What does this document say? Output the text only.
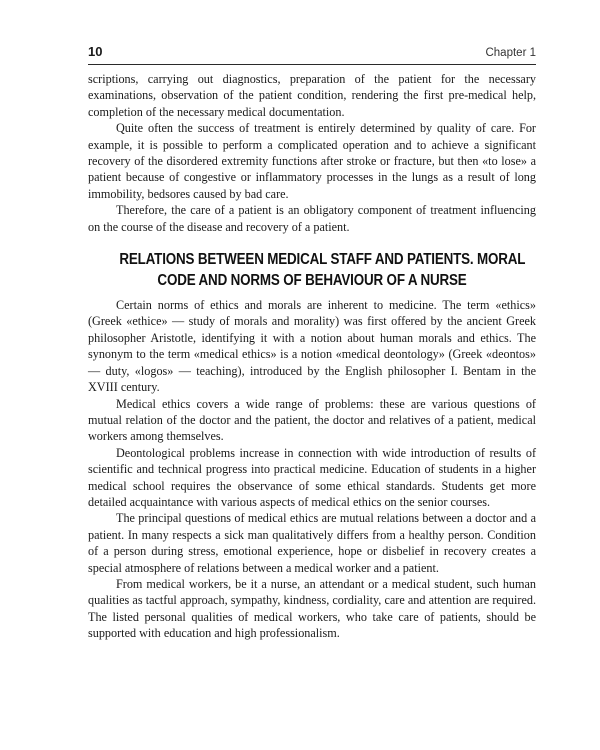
10	Chapter 1

scriptions, carrying out diagnostics, preparation of the patient for the necessary examinations, observation of the patient condition, rendering the first pre-medical help, completion of the necessary medical documentation.

Quite often the success of treatment is entirely determined by quality of care. For example, it is possible to perform a complicated operation and to achieve a significant recovery of the disordered extremity functions after stroke or fracture, but then «to lose» a patient because of congestive or inflammatory processes in the lungs as a result of long immobility, bedsores caused by bad care.

Therefore, the care of a patient is an obligatory component of treatment influencing on the course of the disease and recovery of a patient.

RELATIONS BETWEEN MEDICAL STAFF AND PATIENTS. MORAL
CODE AND NORMS OF BEHAVIOUR OF A NURSE

Certain norms of ethics and morals are inherent to medicine. The term «ethics» (Greek «ethice» — study of morals and morality) was first offered by the ancient Greek philosopher Aristotle, identifying it with a notion about human morals and ethics. The synonym to the term «medical ethics» is a notion «medical deontology» (Greek «deontos» — duty, «logos» — teaching), introduced by the English philosopher I. Bentam in the XVIII century.

Medical ethics covers a wide range of problems: these are various questions of mutual relation of the doctor and the patient, the doctor and relatives of a patient, medical workers among themselves.

Deontological problems increase in connection with wide introduction of results of scientific and technical progress into practical medicine. Education of students in a higher medical school requires the observance of some ethical standards. Students get more detailed acquaintance with various aspects of medical ethics on the senior courses.

The principal questions of medical ethics are mutual relations between a doctor and a patient. In many respects a sick man qualitatively differs from a healthy person. Condition of a person during stress, emotional experience, hope or disbelief in recovery creates a special atmosphere of relations between a medical worker and a patient.

From medical workers, be it a nurse, an attendant or a medical student, such human qualities as tactful approach, sympathy, kindness, cordiality, care and attention are required. The listed personal qualities of medical workers, who take care of patients, should be supported with education and high professionalism.
